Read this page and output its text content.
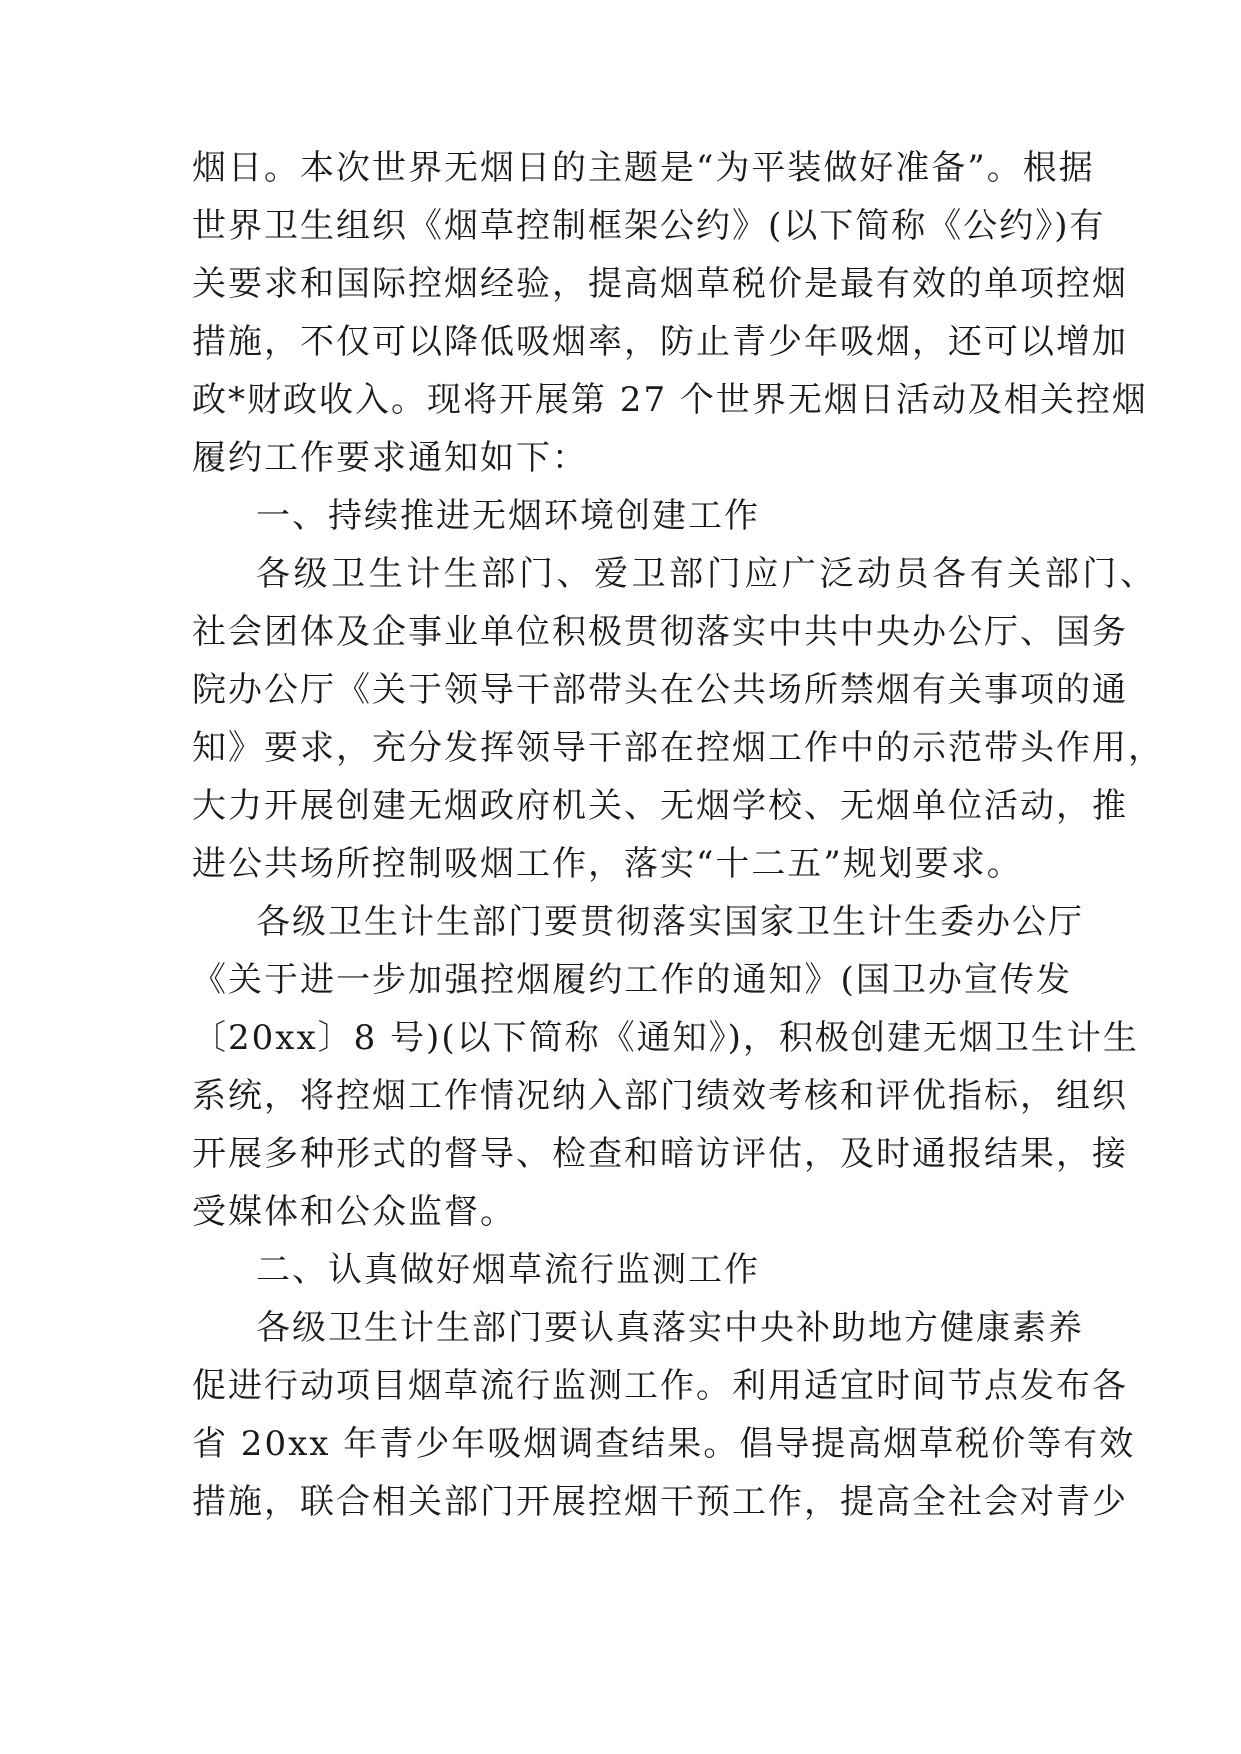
烟日。本次世界无烟日的主题是“为平装做好准备”。根据
世界卫生组织《烟草控制框架公约》(以下简称《公约》)有
关要求和国际控烟经验，提高烟草税价是最有效的单项控烟
措施，不仅可以降低吸烟率，防止青少年吸烟，还可以增加
政*财政收入。现将开展第 27 个世界无烟日活动及相关控烟
履约工作要求通知如下：
一、持续推进无烟环境创建工作
各级卫生计生部门、爱卫部门应广泛动员各有关部门、
社会团体及企事业单位积极贯彻落实中共中央办公厅、国务
院办公厅《关于领导干部带头在公共场所禁烟有关事项的通
知》要求，充分发挥领导干部在控烟工作中的示范带头作用，
大力开展创建无烟政府机关、无烟学校、无烟单位活动，推
进公共场所控制吸烟工作，落实“十二五”规划要求。
各级卫生计生部门要贯彻落实国家卫生计生委办公厅
《关于进一步加强控烟履约工作的通知》(国卫办宣传发
〔20xx〕8 号)(以下简称《通知》)，积极创建无烟卫生计生
系统，将控烟工作情况纳入部门绩效考核和评优指标，组织
开展多种形式的督导、检查和暗访评估，及时通报结果，接
受媒体和公众监督。
二、认真做好烟草流行监测工作
各级卫生计生部门要认真落实中央补助地方健康素养
促进行动项目烟草流行监测工作。利用适宜时间节点发布各
省 20xx 年青少年吸烟调查结果。倡导提高烟草税价等有效
措施，联合相关部门开展控烟干预工作，提高全社会对青少
